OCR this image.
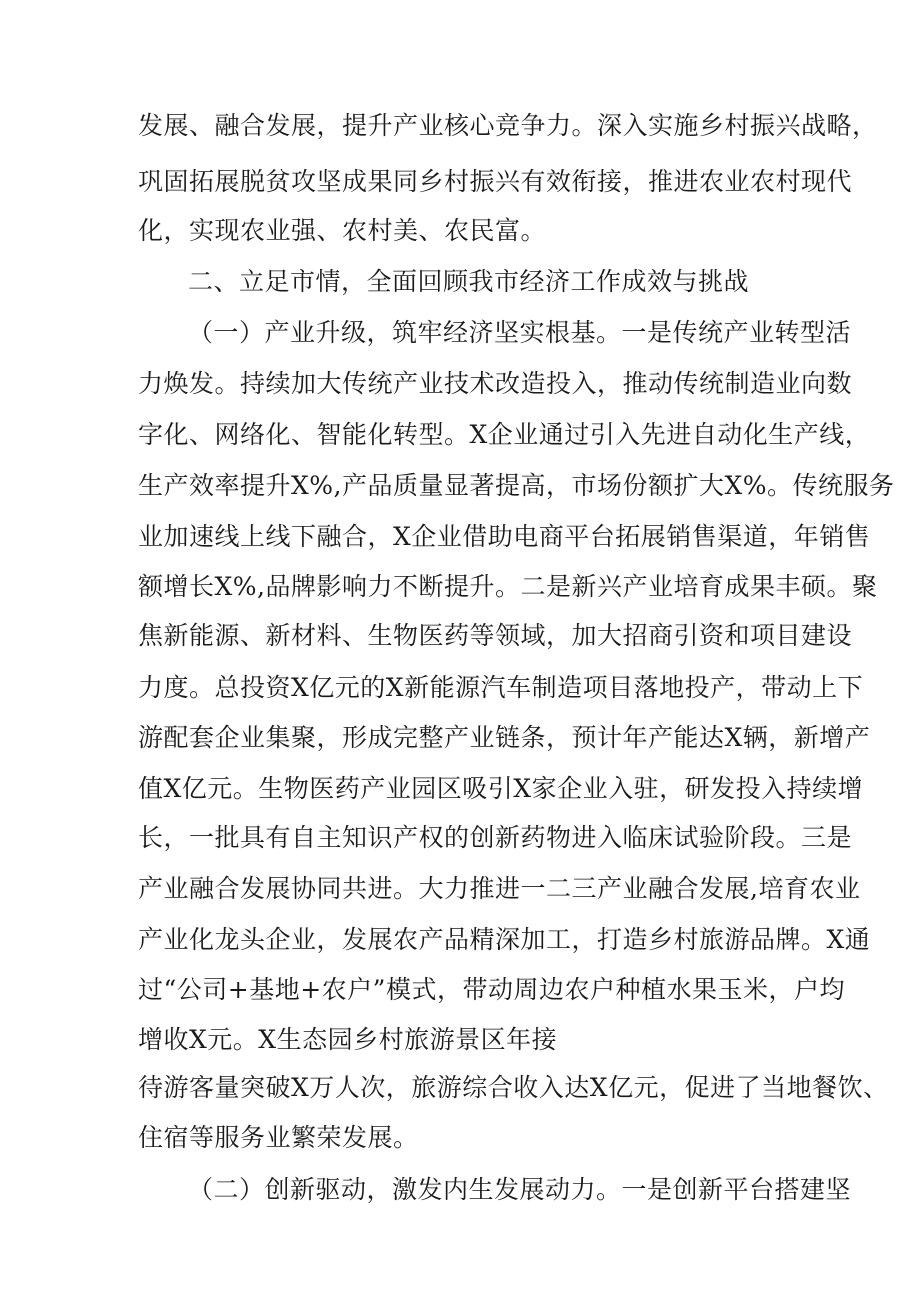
发展、融合发展，提升产业核心竞争力。深入实施乡村振兴战略，
巩固拓展脱贫攻坚成果同乡村振兴有效衔接，推进农业农村现代
化，实现农业强、农村美、农民富。
二、立足市情，全面回顾我市经济工作成效与挑战
（一）产业升级，筑牢经济坚实根基。一是传统产业转型活
力焕发。持续加大传统产业技术改造投入，推动传统制造业向数
字化、网络化、智能化转型。X企业通过引入先进自动化生产线，
生产效率提升X%,产品质量显著提高，市场份额扩大X%。传统服务
业加速线上线下融合，X企业借助电商平台拓展销售渠道，年销售
额增长X%,品牌影响力不断提升。二是新兴产业培育成果丰硕。聚
焦新能源、新材料、生物医药等领域，加大招商引资和项目建设
力度。总投资X亿元的X新能源汽车制造项目落地投产，带动上下
游配套企业集聚，形成完整产业链条，预计年产能达X辆，新增产
值X亿元。生物医药产业园区吸引X家企业入驻，研发投入持续增
长，一批具有自主知识产权的创新药物进入临床试验阶段。三是
产业融合发展协同共进。大力推进一二三产业融合发展,培育农业
产业化龙头企业，发展农产品精深加工，打造乡村旅游品牌。X通
过“公司+基地+农户”模式，带动周边农户种植水果玉米，户均
增收X元。X生态园乡村旅游景区年接
待游客量突破X万人次，旅游综合收入达X亿元，促进了当地餐饮、
住宿等服务业繁荣发展。
（二）创新驱动，激发内生发展动力。一是创新平台搭建坚
